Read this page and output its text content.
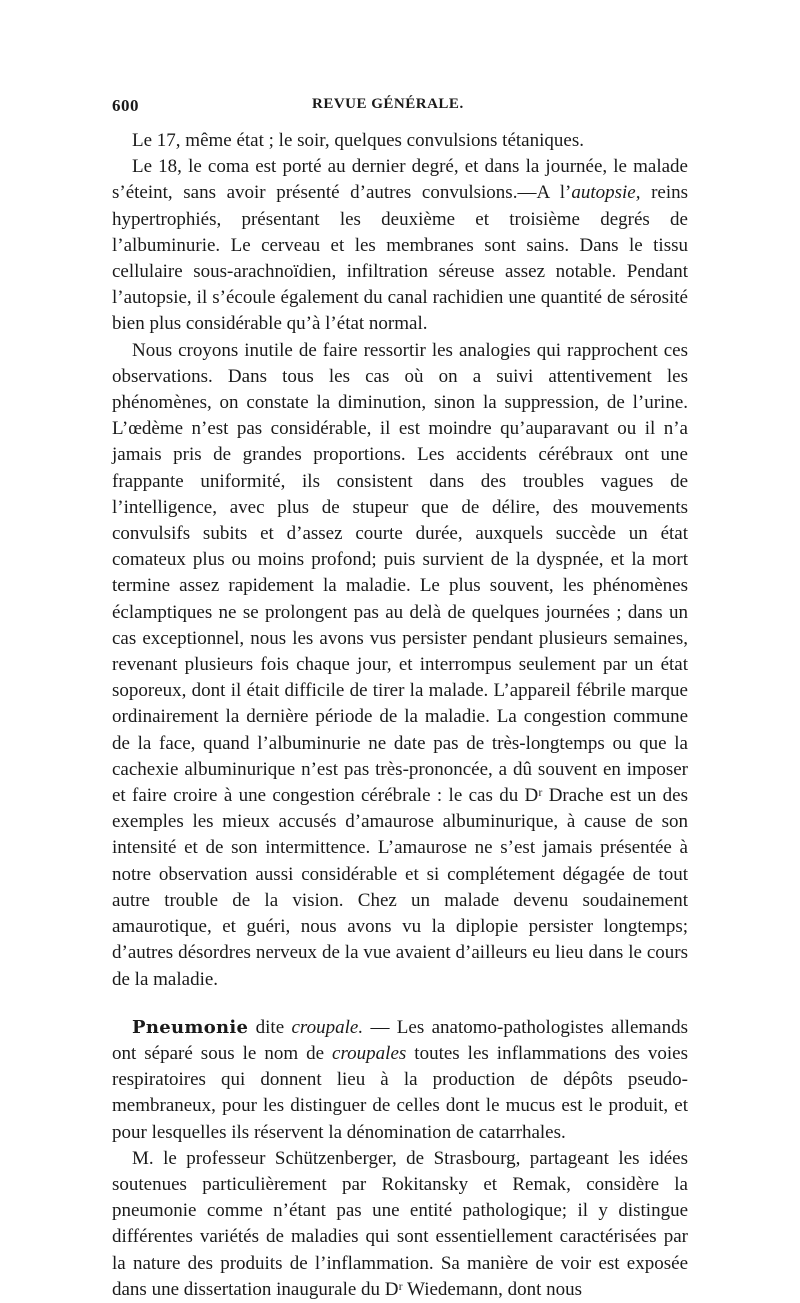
600	REVUE GÉNÉRALE.

Le 17, même état ; le soir, quelques convulsions tétaniques.

Le 18, le coma est porté au dernier degré, et dans la journée, le malade s’éteint, sans avoir présenté d’autres convulsions.—A l’autopsie, reins hypertrophiés, présentant les deuxième et troisième degrés de l’albuminurie. Le cerveau et les membranes sont sains. Dans le tissu cellulaire sous-arachnoïdien, infiltration séreuse assez notable. Pendant l’autopsie, il s’écoule également du canal rachidien une quantité de sérosité bien plus considérable qu’à l’état normal.

Nous croyons inutile de faire ressortir les analogies qui rapprochent ces observations. Dans tous les cas où on a suivi attentivement les phénomènes, on constate la diminution, sinon la suppression, de l’urine. L’œdème n’est pas considérable, il est moindre qu’auparavant ou il n’a jamais pris de grandes proportions. Les accidents cérébraux ont une frappante uniformité, ils consistent dans des troubles vagues de l’intelligence, avec plus de stupeur que de délire, des mouvements convulsifs subits et d’assez courte durée, auxquels succède un état comateux plus ou moins profond; puis survient de la dyspnée, et la mort termine assez rapidement la maladie. Le plus souvent, les phénomènes éclamptiques ne se prolongent pas au delà de quelques journées ; dans un cas exceptionnel, nous les avons vus persister pendant plusieurs semaines, revenant plusieurs fois chaque jour, et interrompus seulement par un état soporeux, dont il était difficile de tirer la malade. L’appareil fébrile marque ordinairement la dernière période de la maladie. La congestion commune de la face, quand l’albuminurie ne date pas de très-longtemps ou que la cachexie albuminurique n’est pas très-prononcée, a dû souvent en imposer et faire croire à une congestion cérébrale : le cas du Dʳ Drache est un des exemples les mieux accusés d’amaurose albuminurique, à cause de son intensité et de son intermittence. L’amaurose ne s’est jamais présentée à notre observation aussi considérable et si complétement dégagée de tout autre trouble de la vision. Chez un malade devenu soudainement amaurotique, et guéri, nous avons vu la diplopie persister longtemps; d’autres désordres nerveux de la vue avaient d’ailleurs eu lieu dans le cours de la maladie.

Pneumonie dite croupale. — Les anatomo-pathologistes allemands ont séparé sous le nom de croupales toutes les inflammations des voies respiratoires qui donnent lieu à la production de dépôts pseudo-membraneux, pour les distinguer de celles dont le mucus est le produit, et pour lesquelles ils réservent la dénomination de catarrhales.

M. le professeur Schützenberger, de Strasbourg, partageant les idées soutenues particulièrement par Rokitansky et Remak, considère la pneumonie comme n’étant pas une entité pathologique; il y distingue différentes variétés de maladies qui sont essentiellement caractérisées par la nature des produits de l’inflammation. Sa manière de voir est exposée dans une dissertation inaugurale du Dʳ Wiedemann, dont nous
